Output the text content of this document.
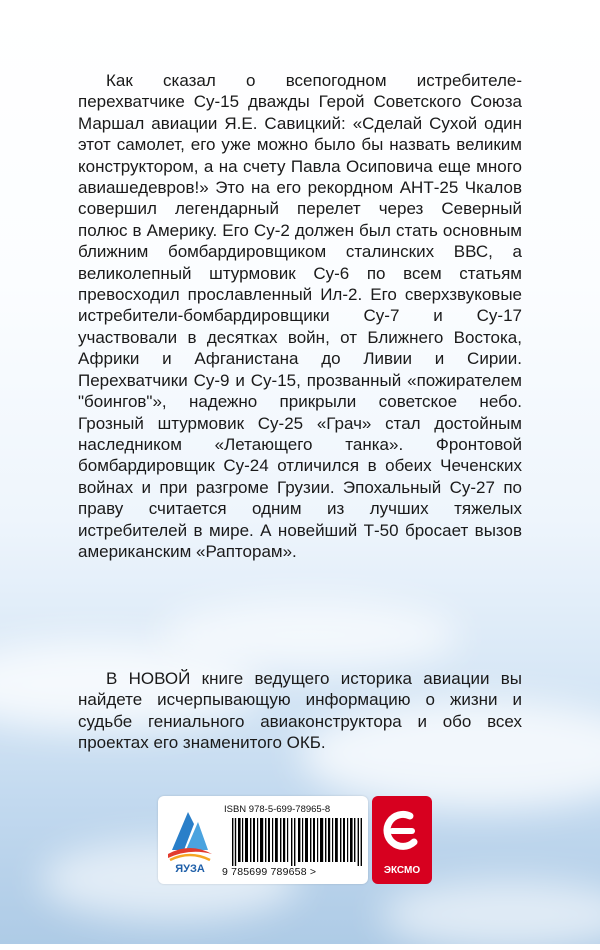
Как сказал о всепогодном истребителе-перехватчике Су-15 дважды Герой Советского Союза Маршал авиации Я.Е. Савицкий: «Сделай Сухой один этот самолет, его уже можно было бы назвать великим конструктором, а на счету Павла Осиповича еще много авиашедевров!» Это на его рекордном АНТ-25 Чкалов совершил легендарный перелет через Северный полюс в Америку. Его Су-2 должен был стать основным ближним бомбардировщиком сталинских ВВС, а великолепный штурмовик Су-6 по всем статьям превосходил прославленный Ил-2. Его сверхзвуковые истребители-бомбардировщики Су-7 и Су-17 участвовали в десятках войн, от Ближнего Востока, Африки и Афганистана до Ливии и Сирии. Перехватчики Су-9 и Су-15, прозванный «пожирателем "боингов"», надежно прикрыли советское небо. Грозный штурмовик Су-25 «Грач» стал достойным наследником «Летающего танка». Фронтовой бомбардировщик Су-24 отличился в обеих Чеченских войнах и при разгроме Грузии. Эпохальный Су-27 по праву считается одним из лучших тяжелых истребителей в мире. А новейший Т-50 бросает вызов американским «Рапторам».

В НОВОЙ книге ведущего историка авиации вы найдете исчерпывающую информацию о жизни и судьбе гениального авиаконструктора и обо всех проектах его знаменитого ОКБ.

ЯУЗА
ISBN 978-5-699-78965-8
9 785699 789658 >	ЭКСМО
